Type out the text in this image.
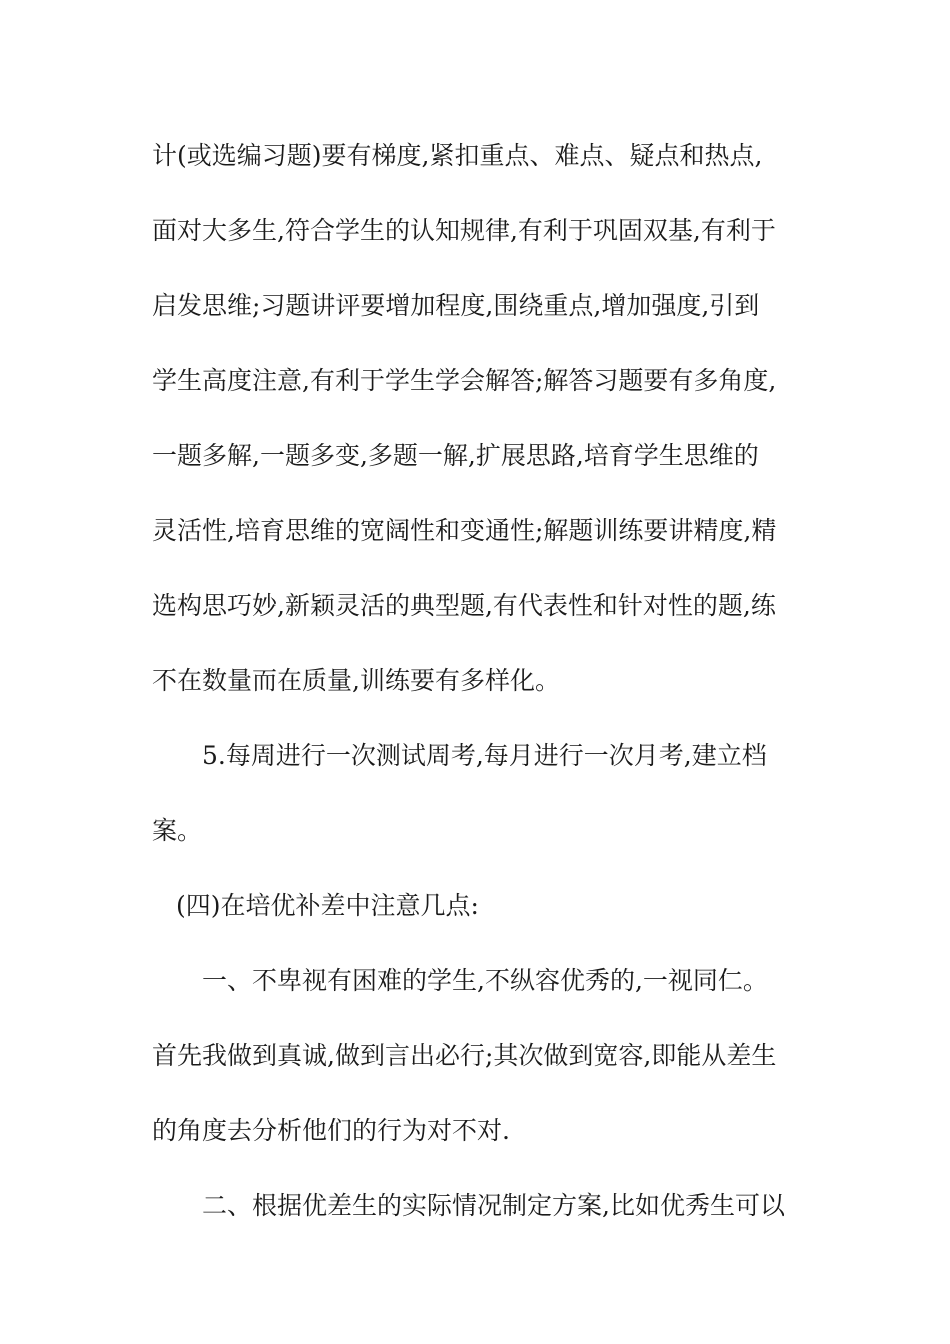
计(或选编习题)要有梯度,紧扣重点、难点、疑点和热点,
面对大多生,符合学生的认知规律,有利于巩固双基,有利于
启发思维;习题讲评要增加程度,围绕重点,增加强度,引到
学生高度注意,有利于学生学会解答;解答习题要有多角度,
一题多解,一题多变,多题一解,扩展思路,培育学生思维的
灵活性,培育思维的宽阔性和变通性;解题训练要讲精度,精
选构思巧妙,新颖灵活的典型题,有代表性和针对性的题,练
不在数量而在质量,训练要有多样化。
5.每周进行一次测试周考,每月进行一次月考,建立档
案。
(四)在培优补差中注意几点:
一、不卑视有困难的学生,不纵容优秀的,一视同仁。
首先我做到真诚,做到言出必行;其次做到宽容,即能从差生
的角度去分析他们的行为对不对.
二、根据优差生的实际情况制定方案,比如优秀生可以
